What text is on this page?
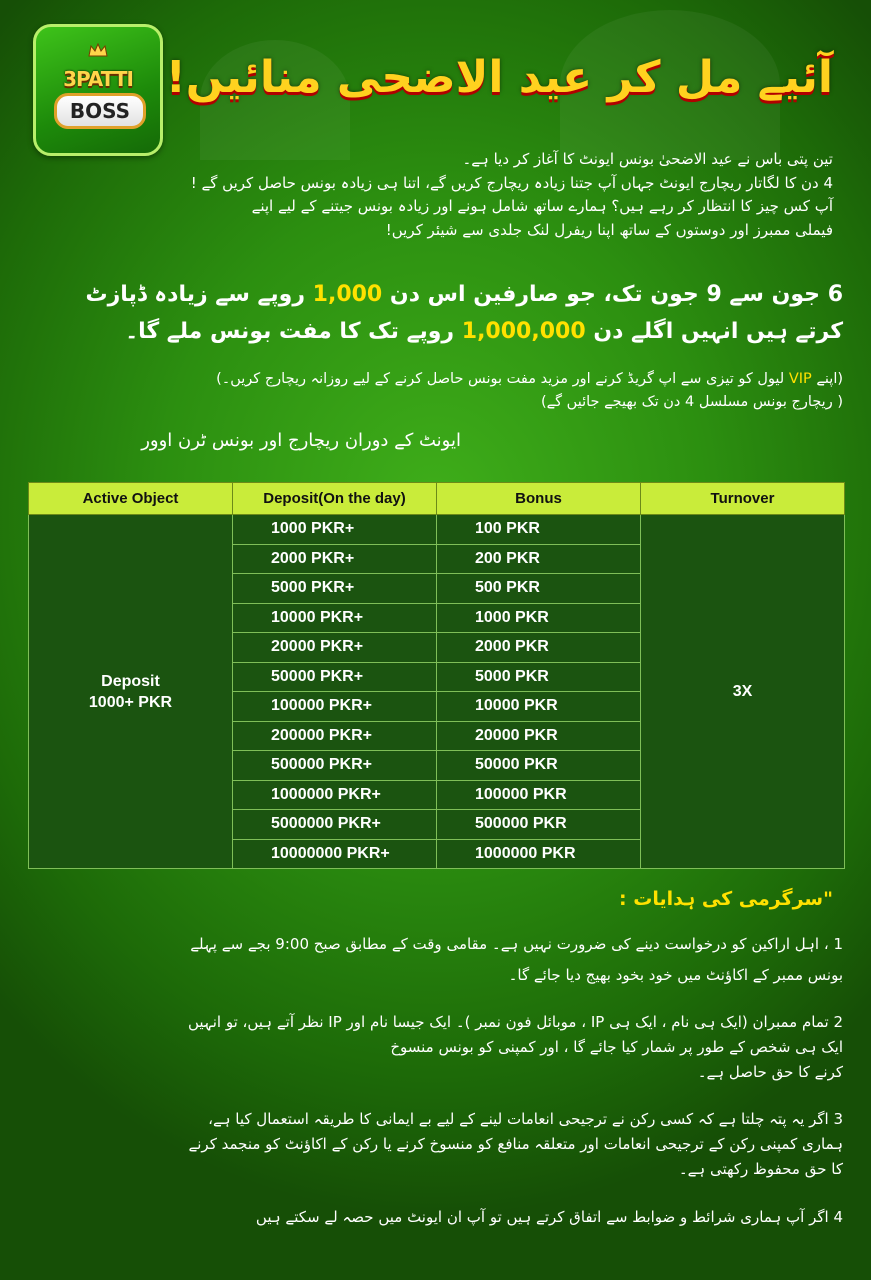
3PATTI
BOSS
آئیے مل کر عید الاضحی منائیں!
تین پتی باس نے عید الاضحیٰ بونس ایونٹ کا آغاز کر دیا ہے۔
4 دن کا لگاتار ریچارج ایونٹ جہاں آپ جتنا زیادہ ریچارج کریں گے، اتنا ہی زیادہ بونس حاصل کریں گے !
آپ کس چیز کا انتظار کر رہے ہیں؟ ہمارے ساتھ شامل ہونے اور زیادہ بونس جیتنے کے لیے اپنے
فیملی ممبرز اور دوستوں کے ساتھ اپنا ریفرل لنک جلدی سے شیئر کریں!
6 جون سے 9 جون تک، جو صارفین اس دن 1,000 روپے سے زیادہ ڈپازٹ
کرتے ہیں انہیں اگلے دن 1,000,000 روپے تک کا مفت بونس ملے گا۔
(اپنے VIP لیول کو تیزی سے اپ گریڈ کرنے اور مزید مفت بونس حاصل کرنے کے لیے روزانہ ریچارج کریں۔)
( ریچارج بونس مسلسل 4 دن تک بھیجے جائیں گے)
ایونٹ کے دوران ریچارج اور بونس ٹرن اوور
Active Object	Deposit(On the day)	Bonus	Turnover

Deposit
1000+ PKR	1000 PKR+	100 PKR	3X
	2000 PKR+	200 PKR	
	5000 PKR+	500 PKR	
	10000 PKR+	1000 PKR	
	20000 PKR+	2000 PKR	
	50000 PKR+	5000 PKR	
	100000 PKR+	10000 PKR	
	200000 PKR+	20000 PKR	
	500000 PKR+	50000 PKR	
	1000000 PKR+	100000 PKR	
	5000000 PKR+	500000 PKR	
	10000000 PKR+	1000000 PKR	
"سرگرمی کی ہدایات :
1 ، اہل اراکین کو درخواست دینے کی ضرورت نہیں ہے۔ مقامی وقت کے مطابق صبح 9:00 بجے سے پہلے
بونس ممبر کے اکاؤنٹ میں خود بخود بھیج دیا جائے گا۔
2 تمام ممبران (ایک ہی نام ، ایک ہی IP ، موبائل فون نمبر )۔ ایک جیسا نام اور IP نظر آتے ہیں، تو انہیں
ایک ہی شخص کے طور پر شمار کیا جائے گا ، اور کمپنی کو بونس منسوخ
کرنے کا حق حاصل ہے۔
3 اگر یہ پتہ چلتا ہے کہ کسی رکن نے ترجیحی انعامات لینے کے لیے بے ایمانی کا طریقہ استعمال کیا ہے،
ہماری کمپنی رکن کے ترجیحی انعامات اور متعلقہ منافع کو منسوخ کرنے یا رکن کے اکاؤنٹ کو منجمد کرنے
کا حق محفوظ رکھتی ہے۔
4 اگر آپ ہماری شرائط و ضوابط سے اتفاق کرتے ہیں تو آپ ان ایونٹ میں حصہ لے سکتے ہیں
